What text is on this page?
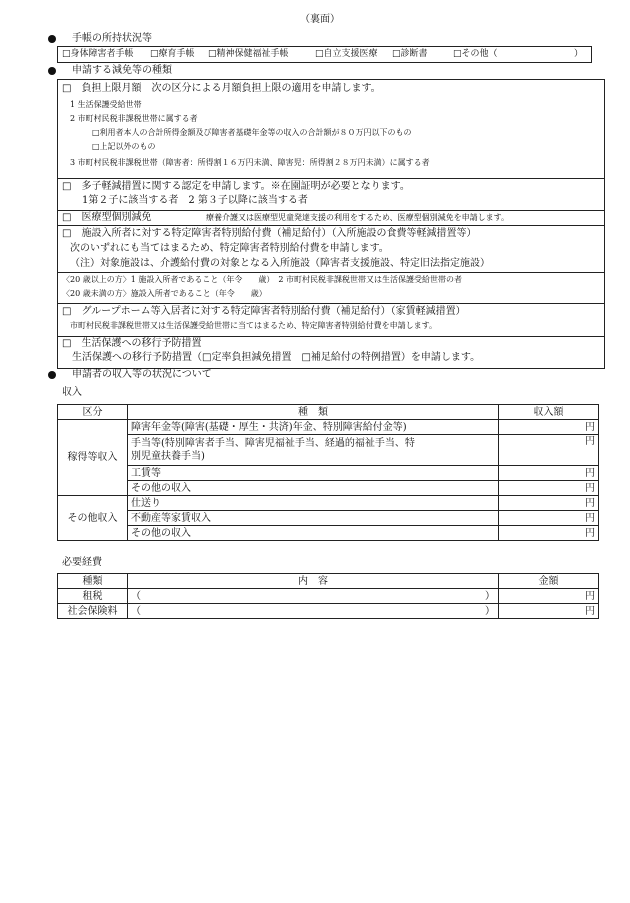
（裏面）
手帳の所持状況等
□身体障害者手帳 □療育手帳 □精神保健福祉手帳	□自立支援医療 □診断書	□その他（	）
申請する減免等の種類
□　負担上限月額　次の区分による月額負担上限の適用を申請します。
1 生活保護受給世帯
2 市町村民税非課税世帯に属する者
□利用者本人の合計所得金額及び障害者基礎年金等の収入の合計額が８０万円以下のもの
□上記以外のもの
3 市町村民税非課税世帯（障害者：所得割１６万円未満、障害児：所得割２８万円未満）に属する者
□　多子軽減措置に関する認定を申請します。※在園証明が必要となります。
1第２子に該当する者　2 第３子以降に該当する者
□　医療型個別減免	療養介護又は医療型児童発達支援の利用をするため、医療型個別減免を申請します。
□　施設入所者に対する特定障害者特別給付費（補足給付）（入所施設の食費等軽減措置等）
次のいずれにも当てはまるため、特定障害者特別給付費を申請します。
（注）対象施設は、介護給付費の対象となる入所施設（障害者支援施設、特定旧法指定施設）
〈20 歳以上の方〉1 施設入所者であること（年令　　歳）　2 市町村民税非課税世帯又は生活保護受給世帯の者
〈20 歳未満の方〉施設入所者であること（年令　　歳）
□　グループホーム等入居者に対する特定障害者特別給付費（補足給付）（家賃軽減措置）
市町村民税非課税世帯又は生活保護受給世帯に当てはまるため、特定障害者特別給付費を申請します。
□　生活保護への移行予防措置
生活保護への移行予防措置（□定率負担減免措置　□補足給付の特例措置）を申請します。
申請者の収入等の状況について
収入
区分	種　類	収入額
稼得等収入	障害年金等(障害(基礎・厚生・共済)年金、特別障害給付金等)	円
	手当等(特別障害者手当、障害児福祉手当、経過的福祉手当、特
別児童扶養手当)	円
	工賃等	円
	その他の収入	円
その他収入	仕送り	円
	不動産等家賃収入	円
	その他の収入	円
必要経費
種類	内　容	金額
租税	（ ）	円
社会保険料	（ ）	円
